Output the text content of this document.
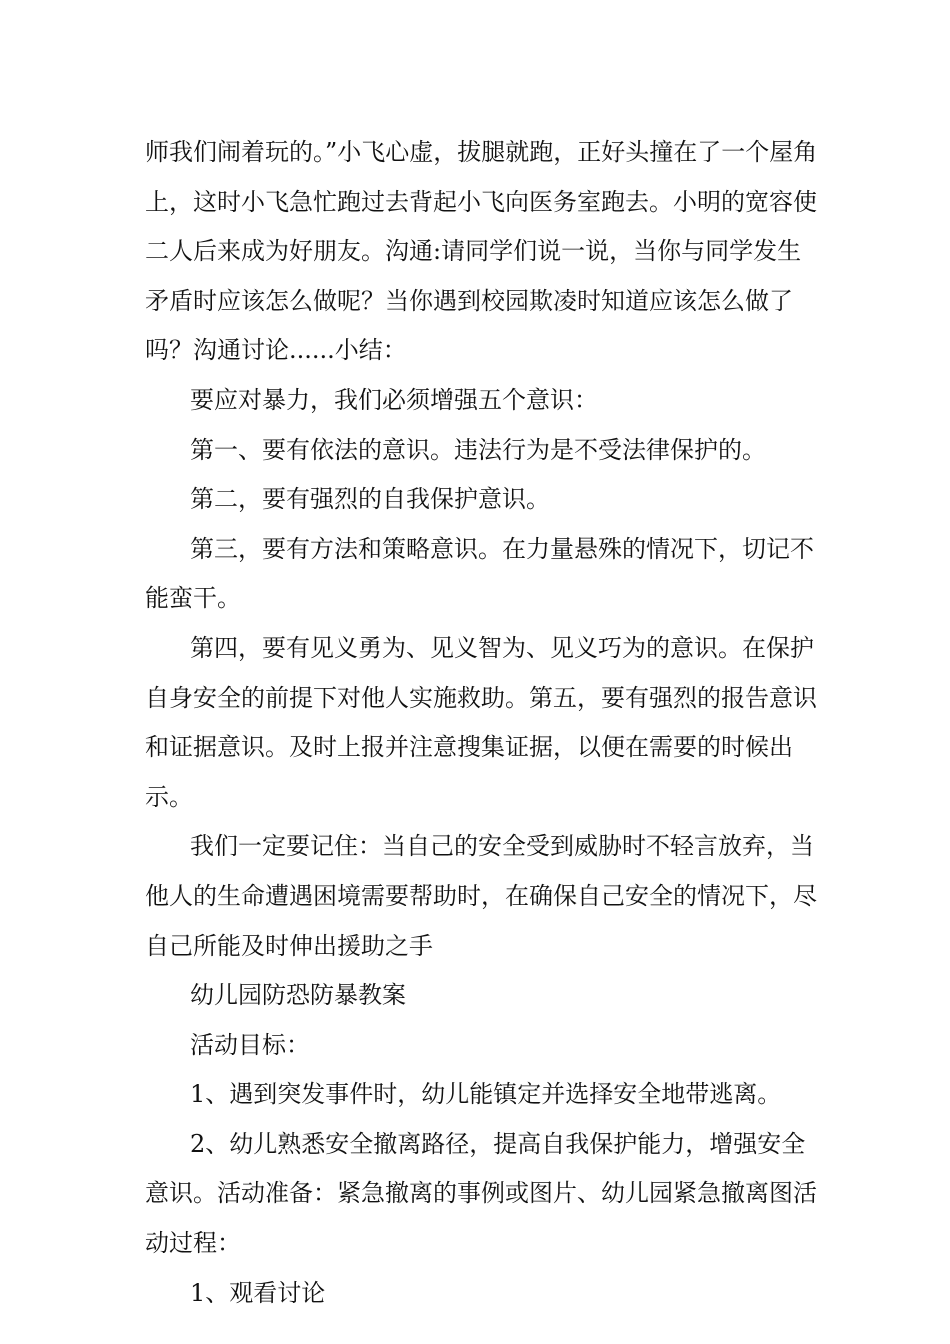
师我们闹着玩的。”小飞心虚，拔腿就跑，正好头撞在了一个屋角上，这时小飞急忙跑过去背起小飞向医务室跑去。小明的宽容使二人后来成为好朋友。沟通:请同学们说一说，当你与同学发生矛盾时应该怎么做呢？当你遇到校园欺凌时知道应该怎么做了吗？沟通讨论......小结：

要应对暴力，我们必须增强五个意识：

第一、要有依法的意识。违法行为是不受法律保护的。

第二，要有强烈的自我保护意识。

第三，要有方法和策略意识。在力量悬殊的情况下，切记不能蛮干。

第四，要有见义勇为、见义智为、见义巧为的意识。在保护自身安全的前提下对他人实施救助。第五，要有强烈的报告意识和证据意识。及时上报并注意搜集证据，以便在需要的时候出示。

我们一定要记住：当自己的安全受到威胁时不轻言放弃，当他人的生命遭遇困境需要帮助时，在确保自己安全的情况下，尽自己所能及时伸出援助之手

幼儿园防恐防暴教案

活动目标：

1、遇到突发事件时，幼儿能镇定并选择安全地带逃离。

2、幼儿熟悉安全撤离路径，提高自我保护能力，增强安全意识。活动准备：紧急撤离的事例或图片、幼儿园紧急撤离图活动过程：

1、观看讨论
